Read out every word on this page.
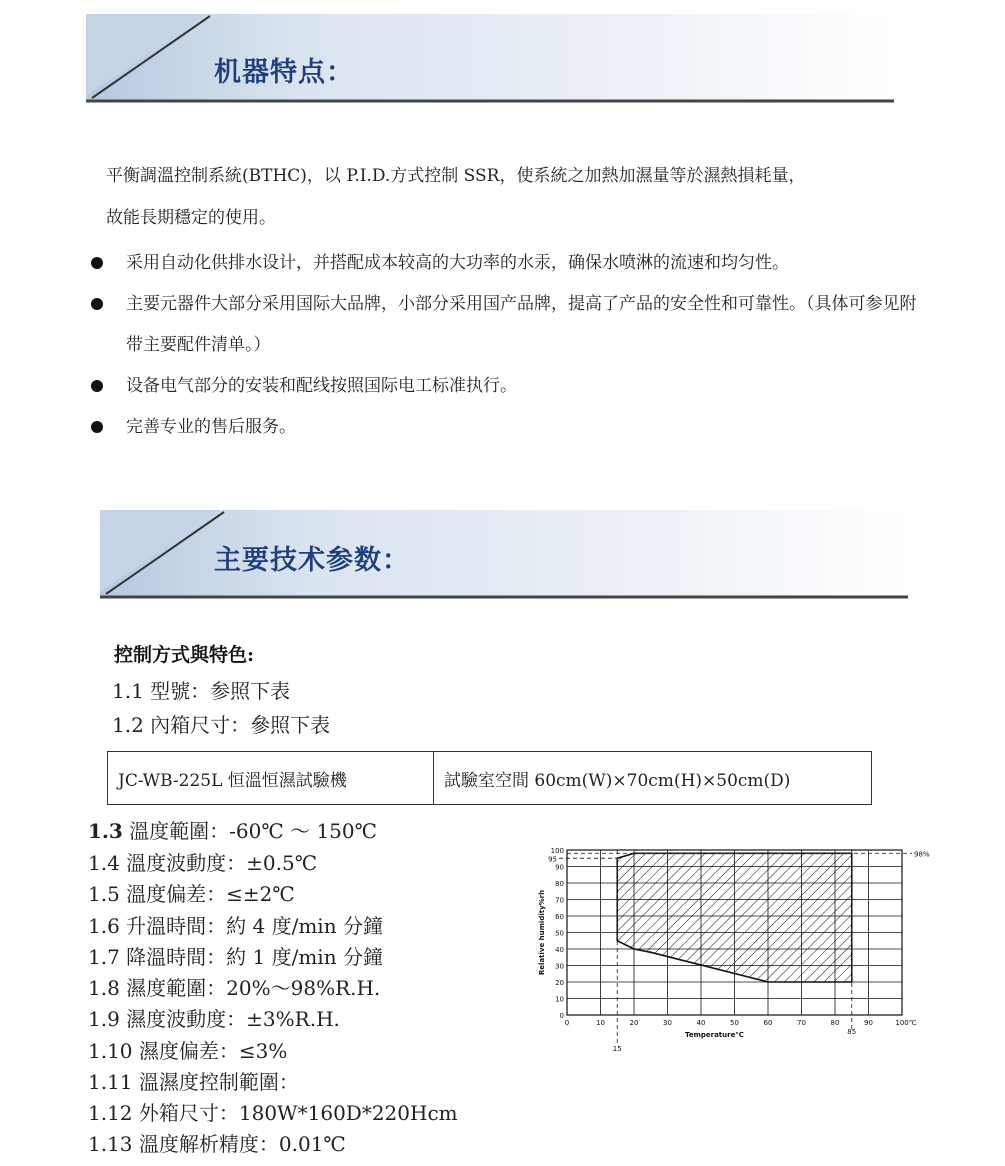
机器特点：
平衡調溫控制系統(BTHC)，以 P.I.D.方式控制 SSR，使系統之加熱加濕量等於濕熱損耗量，
故能長期穩定的使用。
采用自动化供排水设计，并搭配成本较高的大功率的水汞，确保水喷淋的流速和均匀性。
主要元器件大部分采用国际大品牌，小部分采用国产品牌，提高了产品的安全性和可靠性。（具体可参见附带主要配件清单。）
设备电气部分的安装和配线按照国际电工标准执行。
完善专业的售后服务。
主要技术参数：
控制方式與特色:
1.1 型號：参照下表
1.2 內箱尺寸：參照下表
JC-WB-225L 恒溫恒濕試驗機	試驗室空間 60cm(W)×70cm(H)×50cm(D)
1.3 溫度範圍：-60℃ ～ 150℃
1.4 溫度波動度：±0.5℃
1.5 溫度偏差：≤±2℃
1.6 升溫時間：約 4 度/min 分鐘
1.7 降溫時間：約 1 度/min 分鐘
1.8 濕度範圍：20%～98%R.H.
1.9 濕度波動度：±3%R.H.
1.10 濕度偏差：≤3%
1.11 溫濕度控制範圍：
1.12 外箱尺寸：180W*160D*220Hcm
1.13 溫度解析精度：0.01℃
0
10
20
30
40
50
60
70
80
90
100
95
0	10	20	30	40	50	60	70	80	90	100℃
85
15
98%
Temperature℃
Relative humidity%rh
